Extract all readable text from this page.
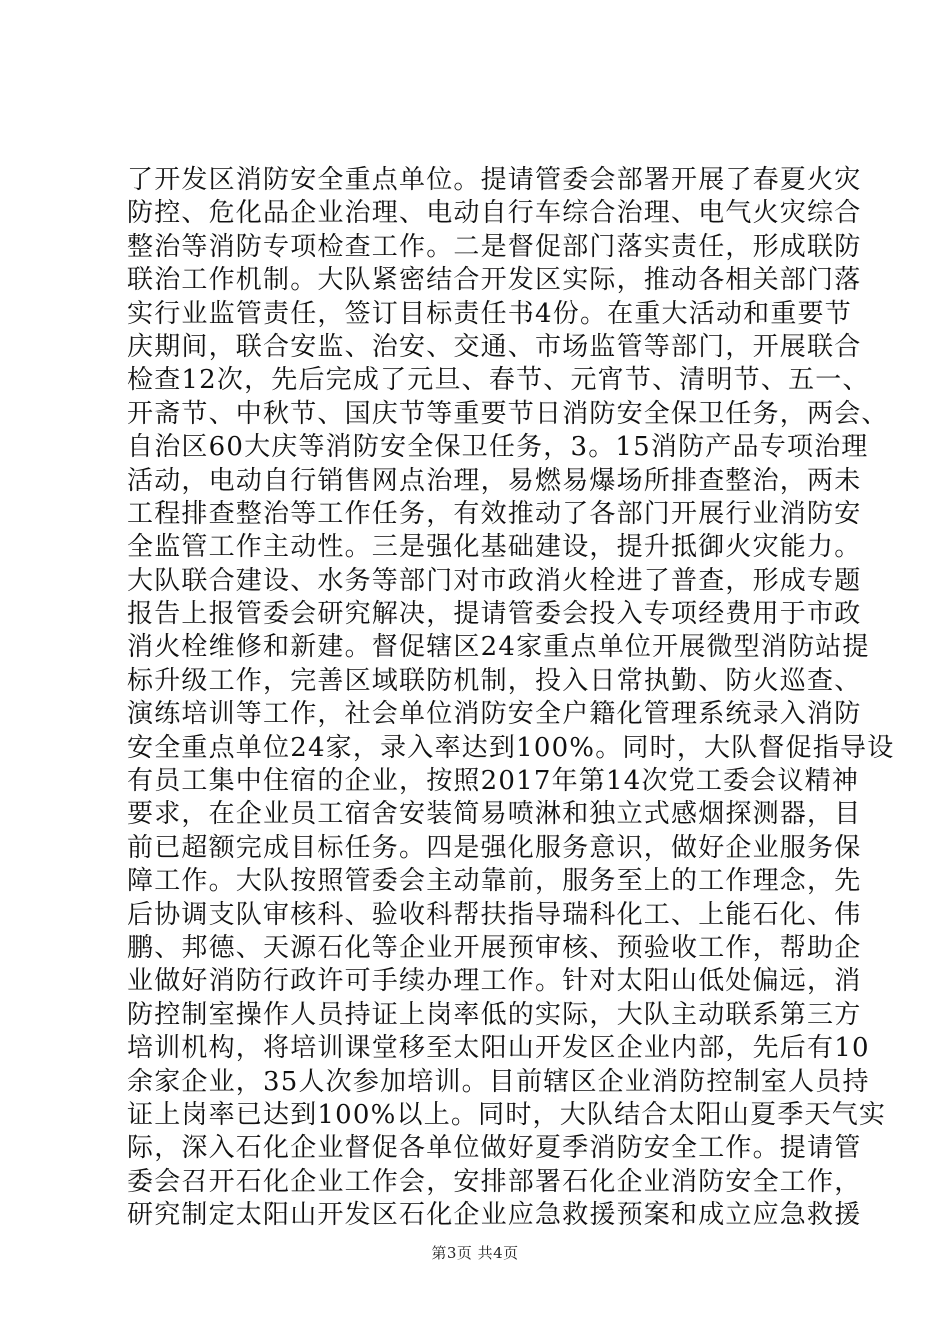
了开发区消防安全重点单位。提请管委会部署开展了春夏火灾
防控、危化品企业治理、电动自行车综合治理、电气火灾综合
整治等消防专项检查工作。二是督促部门落实责任，形成联防
联治工作机制。大队紧密结合开发区实际，推动各相关部门落
实行业监管责任，签订目标责任书4份。在重大活动和重要节
庆期间，联合安监、治安、交通、市场监管等部门，开展联合
检查12次，先后完成了元旦、春节、元宵节、清明节、五一、
开斋节、中秋节、国庆节等重要节日消防安全保卫任务，两会、
自治区60大庆等消防安全保卫任务，3。15消防产品专项治理
活动，电动自行销售网点治理，易燃易爆场所排查整治，两未
工程排查整治等工作任务，有效推动了各部门开展行业消防安
全监管工作主动性。三是强化基础建设，提升抵御火灾能力。
大队联合建设、水务等部门对市政消火栓进了普查，形成专题
报告上报管委会研究解决，提请管委会投入专项经费用于市政
消火栓维修和新建。督促辖区24家重点单位开展微型消防站提
标升级工作，完善区域联防机制，投入日常执勤、防火巡查、
演练培训等工作，社会单位消防安全户籍化管理系统录入消防
安全重点单位24家，录入率达到100%。同时，大队督促指导设
有员工集中住宿的企业，按照2017年第14次党工委会议精神
要求，在企业员工宿舍安装简易喷淋和独立式感烟探测器，目
前已超额完成目标任务。四是强化服务意识，做好企业服务保
障工作。大队按照管委会主动靠前，服务至上的工作理念，先
后协调支队审核科、验收科帮扶指导瑞科化工、上能石化、伟
鹏、邦德、天源石化等企业开展预审核、预验收工作，帮助企
业做好消防行政许可手续办理工作。针对太阳山低处偏远，消
防控制室操作人员持证上岗率低的实际，大队主动联系第三方
培训机构，将培训课堂移至太阳山开发区企业内部，先后有10
余家企业，35人次参加培训。目前辖区企业消防控制室人员持
证上岗率已达到100%以上。同时，大队结合太阳山夏季天气实
际，深入石化企业督促各单位做好夏季消防安全工作。提请管
委会召开石化企业工作会，安排部署石化企业消防安全工作，
研究制定太阳山开发区石化企业应急救援预案和成立应急救援
第3页 共4页
